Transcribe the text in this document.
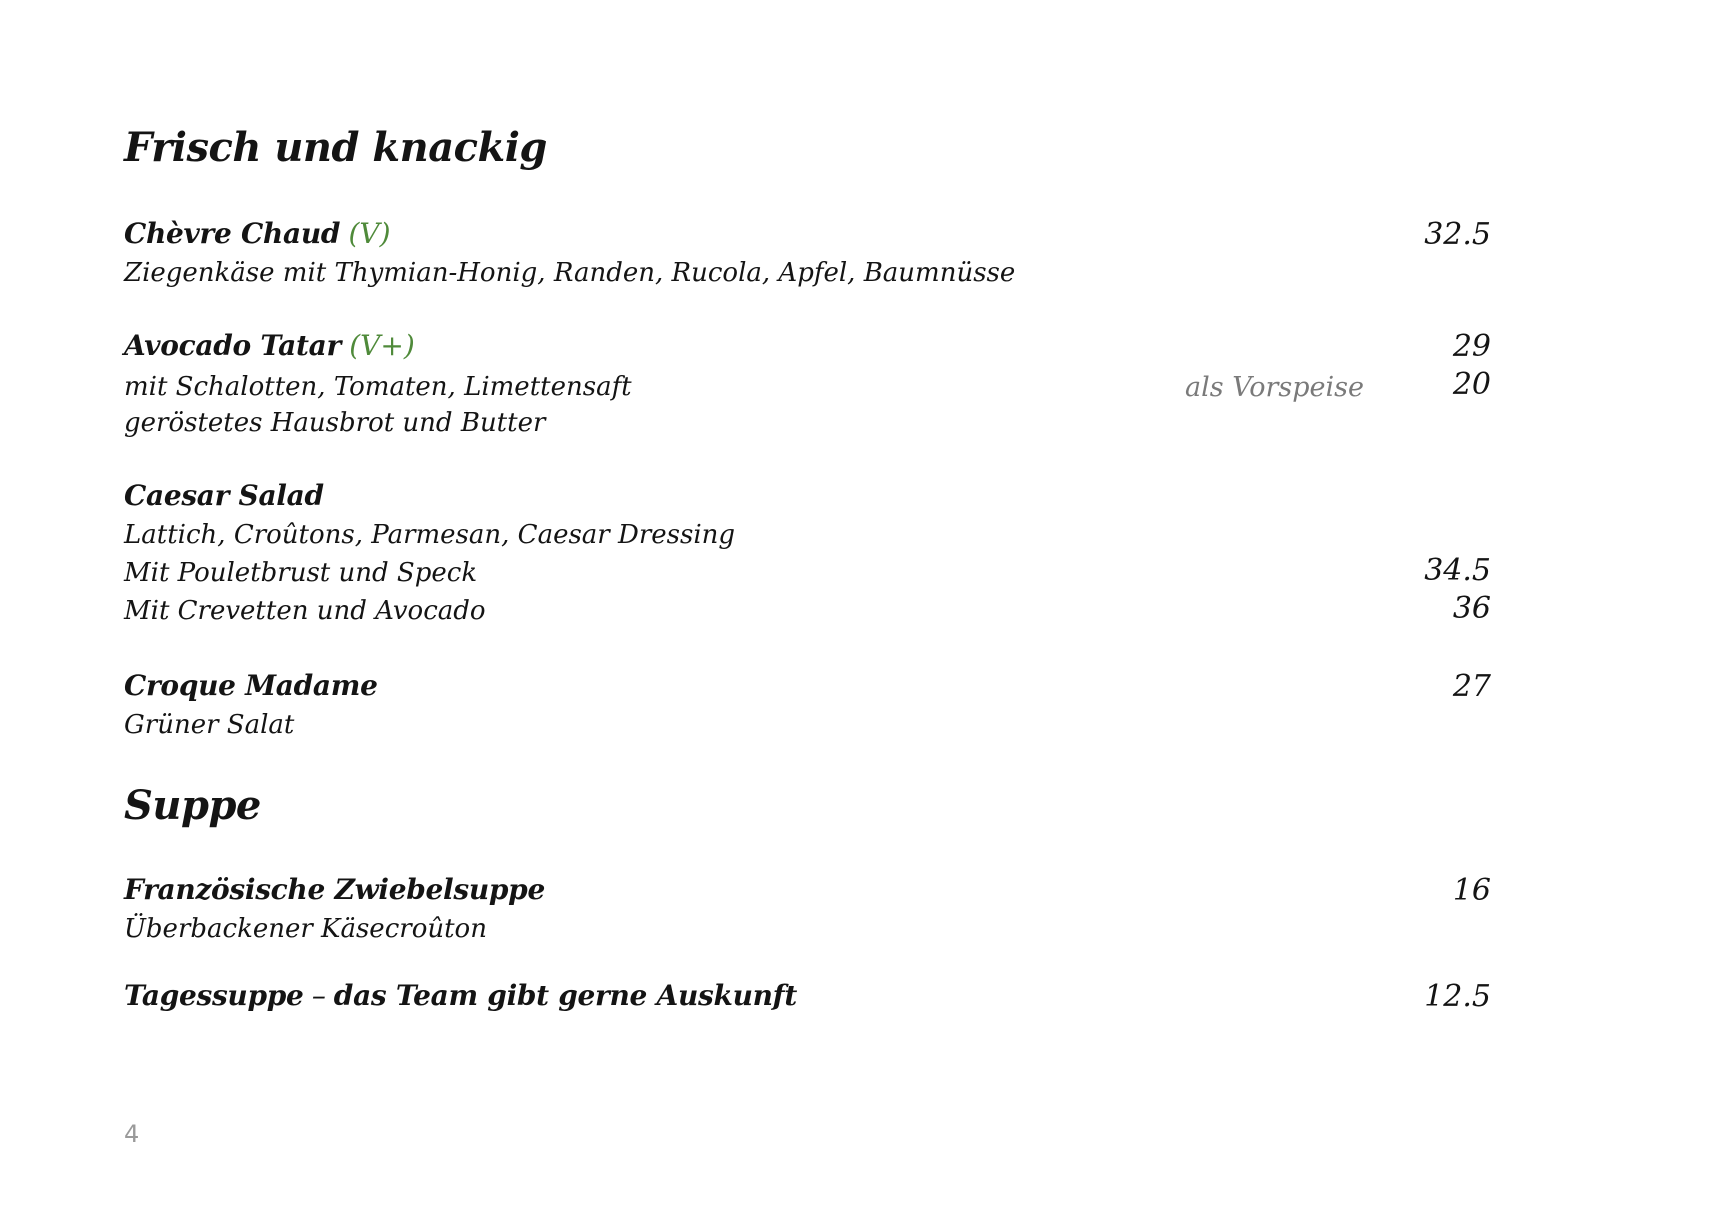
Frisch und knackig
Chèvre Chaud (V)	32.5
Ziegenkäse mit Thymian-Honig, Randen, Rucola, Apfel, Baumnüsse
Avocado Tatar (V+)	29
mit Schalotten, Tomaten, Limettensaft	als Vorspeise	20
geröstetes Hausbrot und Butter
Caesar Salad
Lattich, Croûtons, Parmesan, Caesar Dressing
Mit Pouletbrust und Speck	34.5
Mit Crevetten und Avocado	36
Croque Madame	27
Grüner Salat
Suppe
Französische Zwiebelsuppe	16
Überbackener Käsecroûton
Tagessuppe – das Team gibt gerne Auskunft	12.5
4
